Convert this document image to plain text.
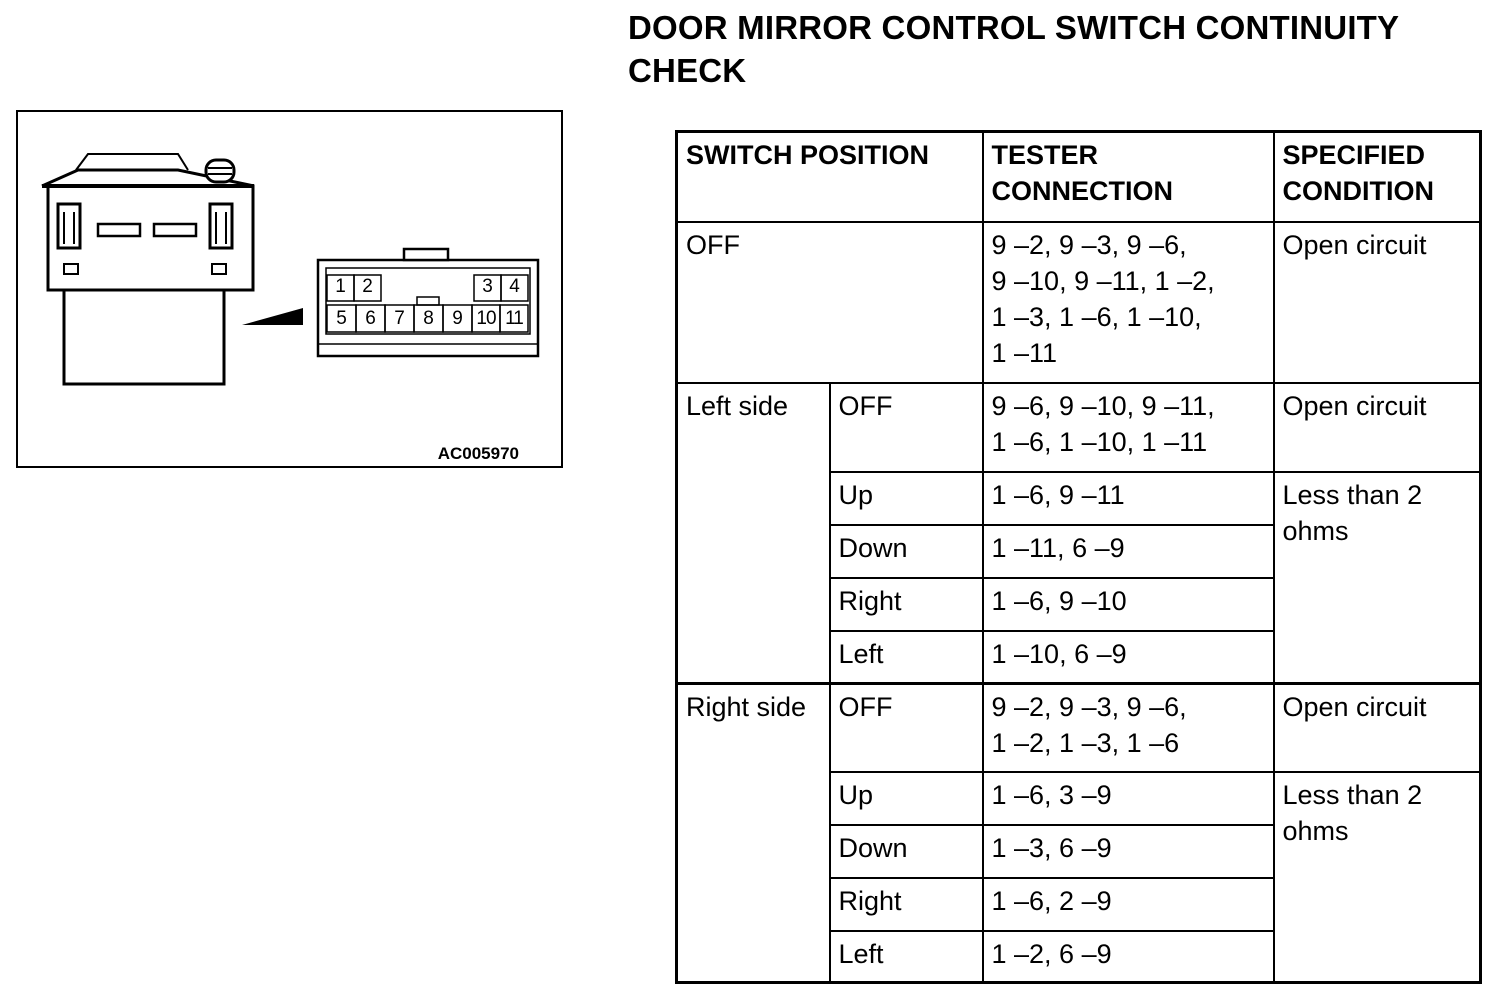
DOOR MIRROR CONTROL SWITCH CONTINUITY CHECK
1 2	3 4
5 6 7 8 9 10 11
AC005970
SWITCH POSITION		TESTER CONNECTION	SPECIFIED CONDITION
OFF		9 –2, 9 –3, 9 –6,
9 –10, 9 –11, 1 –2,
1 –3, 1 –6, 1 –10,
1 –11	Open circuit
Left side	OFF	9 –6, 9 –10, 9 –11,
1 –6, 1 –10, 1 –11	Open circuit
	Up	1 –6, 9 –11	Less than 2
ohms

	Down	1 –11, 6 –9	
	Right	1 –6, 9 –10	
	Left	1 –10, 6 –9	
Right side	OFF	9 –2, 9 –3, 9 –6,
1 –2, 1 –3, 1 –6	Open circuit
	Up	1 –6, 3 –9	Less than 2
ohms

	Down	1 –3, 6 –9	
	Right	1 –6, 2 –9	
	Left	1 –2, 6 –9	
